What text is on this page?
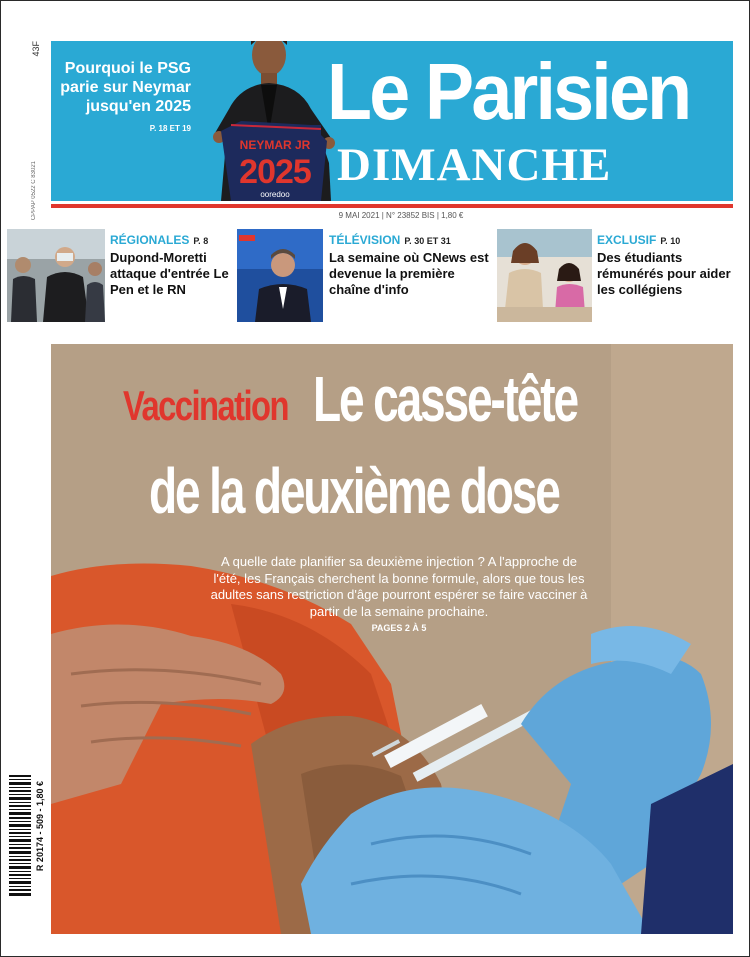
43F
CPPAP 0522 C 83021
Pourquoi le PSG parie sur Neymar jusqu'en 2025
P. 18 ET 19
NEYMAR JR
2025
ooredoo
Le Parisien
DIMANCHE
9 MAI 2021 | N° 23852 BIS | 1,80 €
RÉGIONALES P. 8
Dupond-Moretti attaque d'entrée Le Pen et le RN
TÉLÉVISION P. 30 ET 31
La semaine où CNews est devenue la première chaîne d'info
EXCLUSIF P. 10
Des étudiants rémunérés pour aider les collégiens
Vaccination Le casse-tête
de la deuxième dose
A quelle date planifier sa deuxième injection ? A l'approche de l'été, les Français cherchent la bonne formule, alors que tous les adultes sans restriction d'âge pourront espérer se faire vacciner à partir de la semaine prochaine.
PAGES 2 À 5
R 20174 - 509 - 1,80 €
